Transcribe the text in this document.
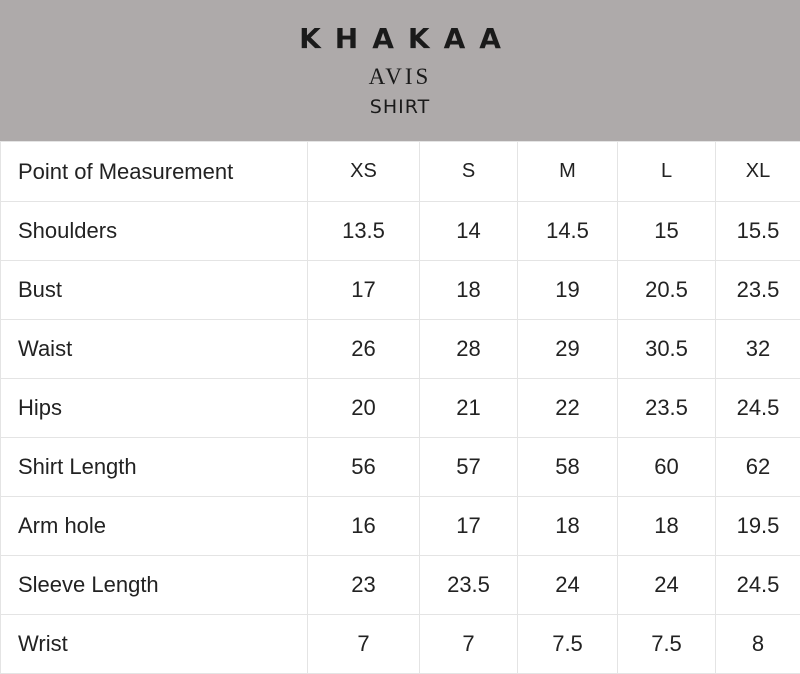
KHAKAA
AVIS
SHIRT
Point of Measurement	XS	S	M	L	XL
Shoulders	13.5	14	14.5	15	15.5
Bust	17	18	19	20.5	23.5
Waist	26	28	29	30.5	32
Hips	20	21	22	23.5	24.5
Shirt Length	56	57	58	60	62
Arm hole	16	17	18	18	19.5
Sleeve Length	23	23.5	24	24	24.5
Wrist	7	7	7.5	7.5	8
